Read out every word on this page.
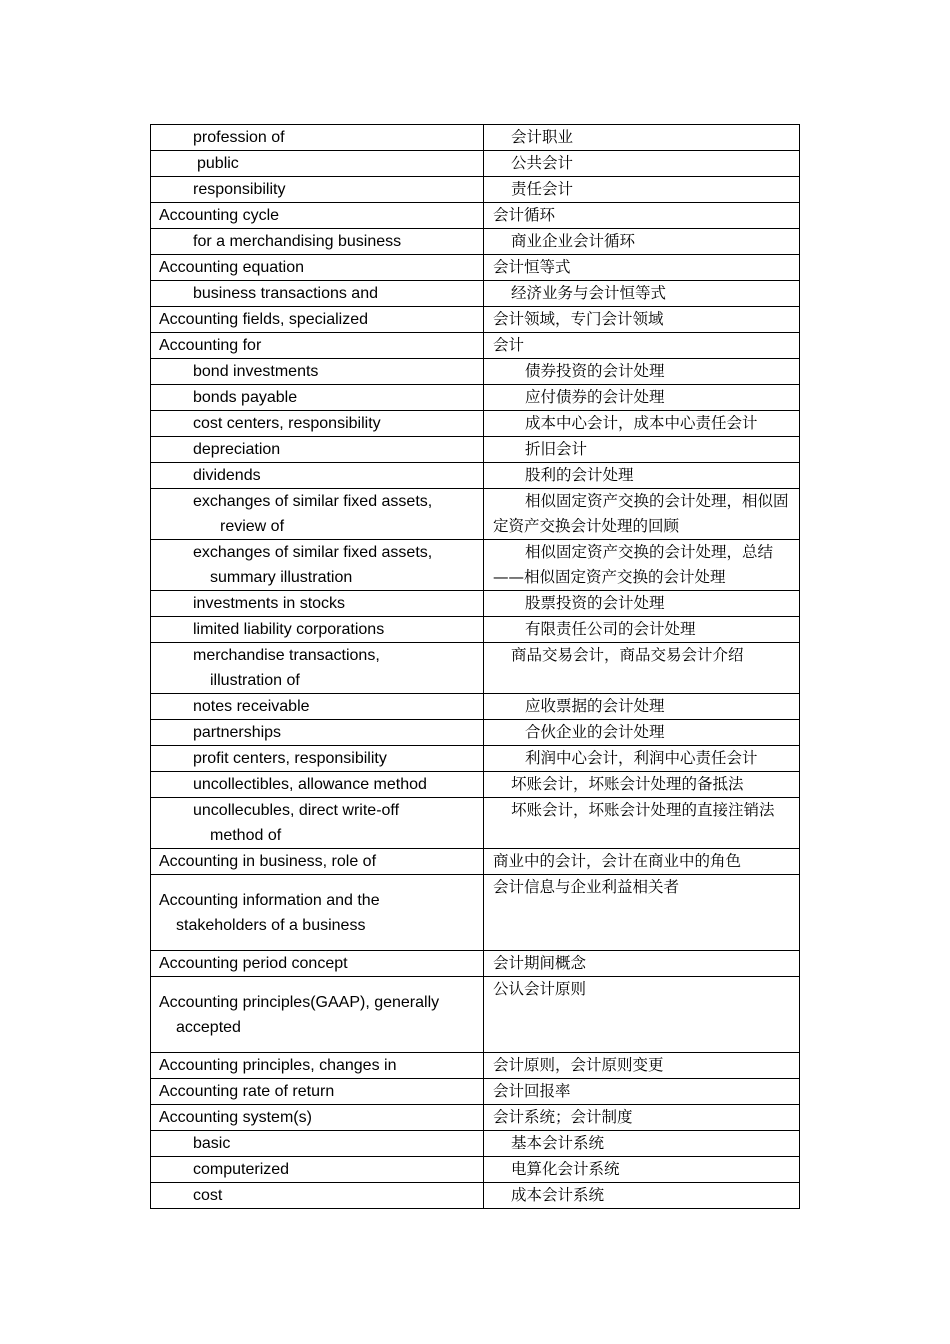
profession of	会计职业

public	公共会计

responsibility	责任会计

Accounting cycle	会计循环

for a merchandising business	商业企业会计循环

Accounting equation	会计恒等式

business transactions and	经济业务与会计恒等式

Accounting fields, specialized	会计领域，专门会计领域

Accounting for	会计

bond investments	债券投资的会计处理

bonds payable	应付债券的会计处理

cost centers, responsibility	成本中心会计，成本中心责任会计

depreciation	折旧会计

dividends	股利的会计处理

exchanges of similar fixed assets,
review of	相似固定资产交换的会计处理，相似固定资产交换会计处理的回顾

exchanges of similar fixed assets,
summary illustration	相似固定资产交换的会计处理，总结——相似固定资产交换的会计处理

investments in stocks	股票投资的会计处理

limited liability corporations	有限责任公司的会计处理

merchandise transactions,
illustration of	商品交易会计，商品交易会计介绍

notes receivable	应收票据的会计处理

partnerships	合伙企业的会计处理

profit centers, responsibility	利润中心会计，利润中心责任会计

uncollectibles, allowance method	坏账会计，坏账会计处理的备抵法

uncollecubles, direct write-off
method of	坏账会计，坏账会计处理的直接注销法

Accounting in business, role of	商业中的会计，会计在商业中的角色

Accounting information and the
stakeholders of a business	会计信息与企业利益相关者

Accounting period concept	会计期间概念

Accounting principles(GAAP), generally
accepted	公认会计原则

Accounting principles, changes in	会计原则，会计原则变更

Accounting rate of return	会计回报率

Accounting system(s)	会计系统；会计制度

basic	基本会计系统

computerized	电算化会计系统

cost	成本会计系统
